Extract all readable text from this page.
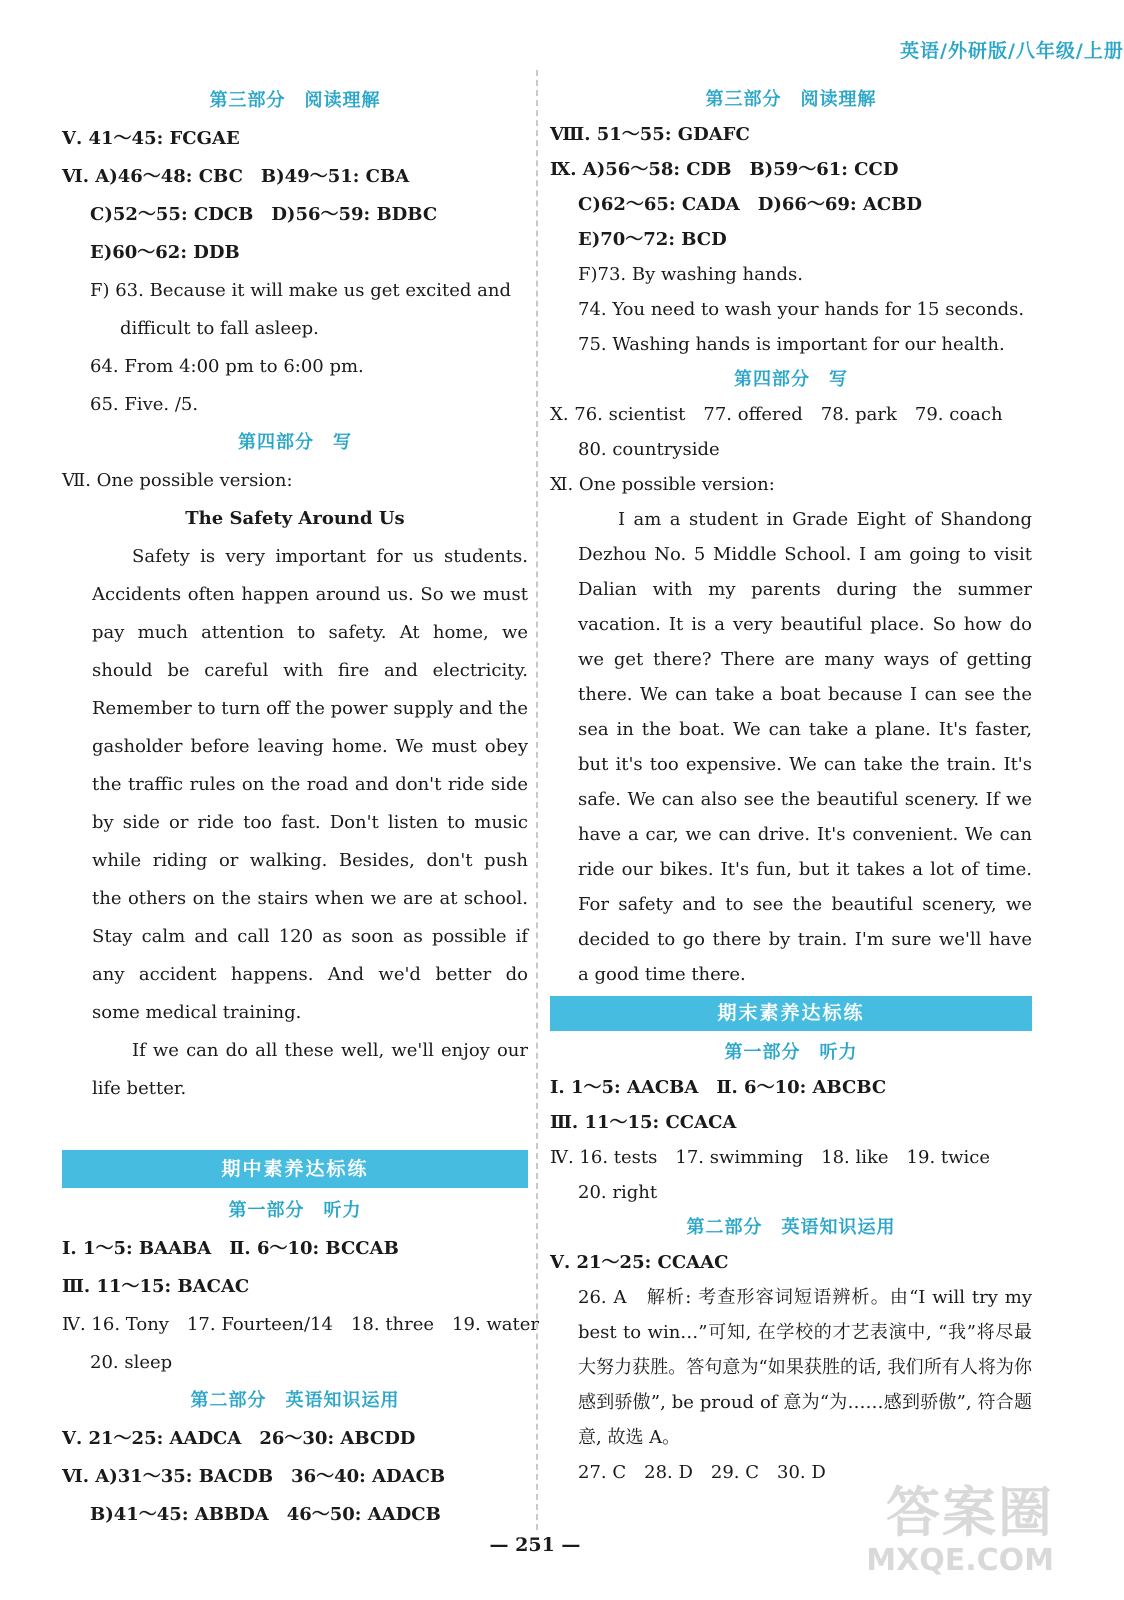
英语/外研版/八年级/上册
第三部分　阅读理解
Ⅴ. 41～45: FCGAE
Ⅵ. A)46～48: CBC　B)49～51: CBA
C)52～55: CDCB　D)56～59: BDBC
E)60～62: DDB
F) 63. Because it will make us get excited and
difficult to fall asleep.
64. From 4:00 pm to 6:00 pm.
65. Five. /5.
第四部分　写
Ⅶ. One possible version:
The Safety Around Us
Safety is very important for us students. Accidents often happen around us. So we must pay much attention to safety. At home, we should be careful with fire and electricity. Remember to turn off the power supply and the gasholder before leaving home. We must obey the traffic rules on the road and don't ride side by side or ride too fast. Don't listen to music while riding or walking. Besides, don't push the others on the stairs when we are at school. Stay calm and call 120 as soon as possible if any accident happens. And we'd better do some medical training.
If we can do all these well, we'll enjoy our life better.
期中素养达标练
第一部分　听力
Ⅰ. 1～5: BAABA　Ⅱ. 6～10: BCCAB
Ⅲ. 11～15: BACAC
Ⅳ. 16. Tony　17. Fourteen/14　18. three　19. water
20. sleep
第二部分　英语知识运用
Ⅴ. 21～25: AADCA　26～30: ABCDD
Ⅵ. A)31～35: BACDB　36～40: ADACB
B)41～45: ABBDA　46～50: AADCB
第三部分　阅读理解
Ⅷ. 51～55: GDAFC
Ⅸ. A)56～58: CDB　B)59～61: CCD
C)62～65: CADA　D)66～69: ACBD
E)70～72: BCD
F)73. By washing hands.
74. You need to wash your hands for 15 seconds.
75. Washing hands is important for our health.
第四部分　写
Ⅹ. 76. scientist　77. offered　78. park　79. coach
80. countryside
Ⅺ. One possible version:
I am a student in Grade Eight of Shandong Dezhou No. 5 Middle School. I am going to visit Dalian with my parents during the summer vacation. It is a very beautiful place. So how do we get there? There are many ways of getting there. We can take a boat because I can see the sea in the boat. We can take a plane. It's faster, but it's too expensive. We can take the train. It's safe. We can also see the beautiful scenery. If we have a car, we can drive. It's convenient. We can ride our bikes. It's fun, but it takes a lot of time. For safety and to see the beautiful scenery, we decided to go there by train. I'm sure we'll have a good time there.
期末素养达标练
第一部分　听力
Ⅰ. 1～5: AACBA　Ⅱ. 6～10: ABCBC
Ⅲ. 11～15: CCACA
Ⅳ. 16. tests　17. swimming　18. like　19. twice
20. right
第二部分　英语知识运用
Ⅴ. 21～25: CCAAC
26. A　解析: 考查形容词短语辨析。由“I will try my best to win…”可知, 在学校的才艺表演中, “我”将尽最大努力获胜。答句意为“如果获胜的话, 我们所有人将为你感到骄傲”, be proud of 意为“为……感到骄傲”, 符合题意, 故选 A。
27. C　28. D　29. C　30. D
— 251 —
答案圈
MXQE.COM
